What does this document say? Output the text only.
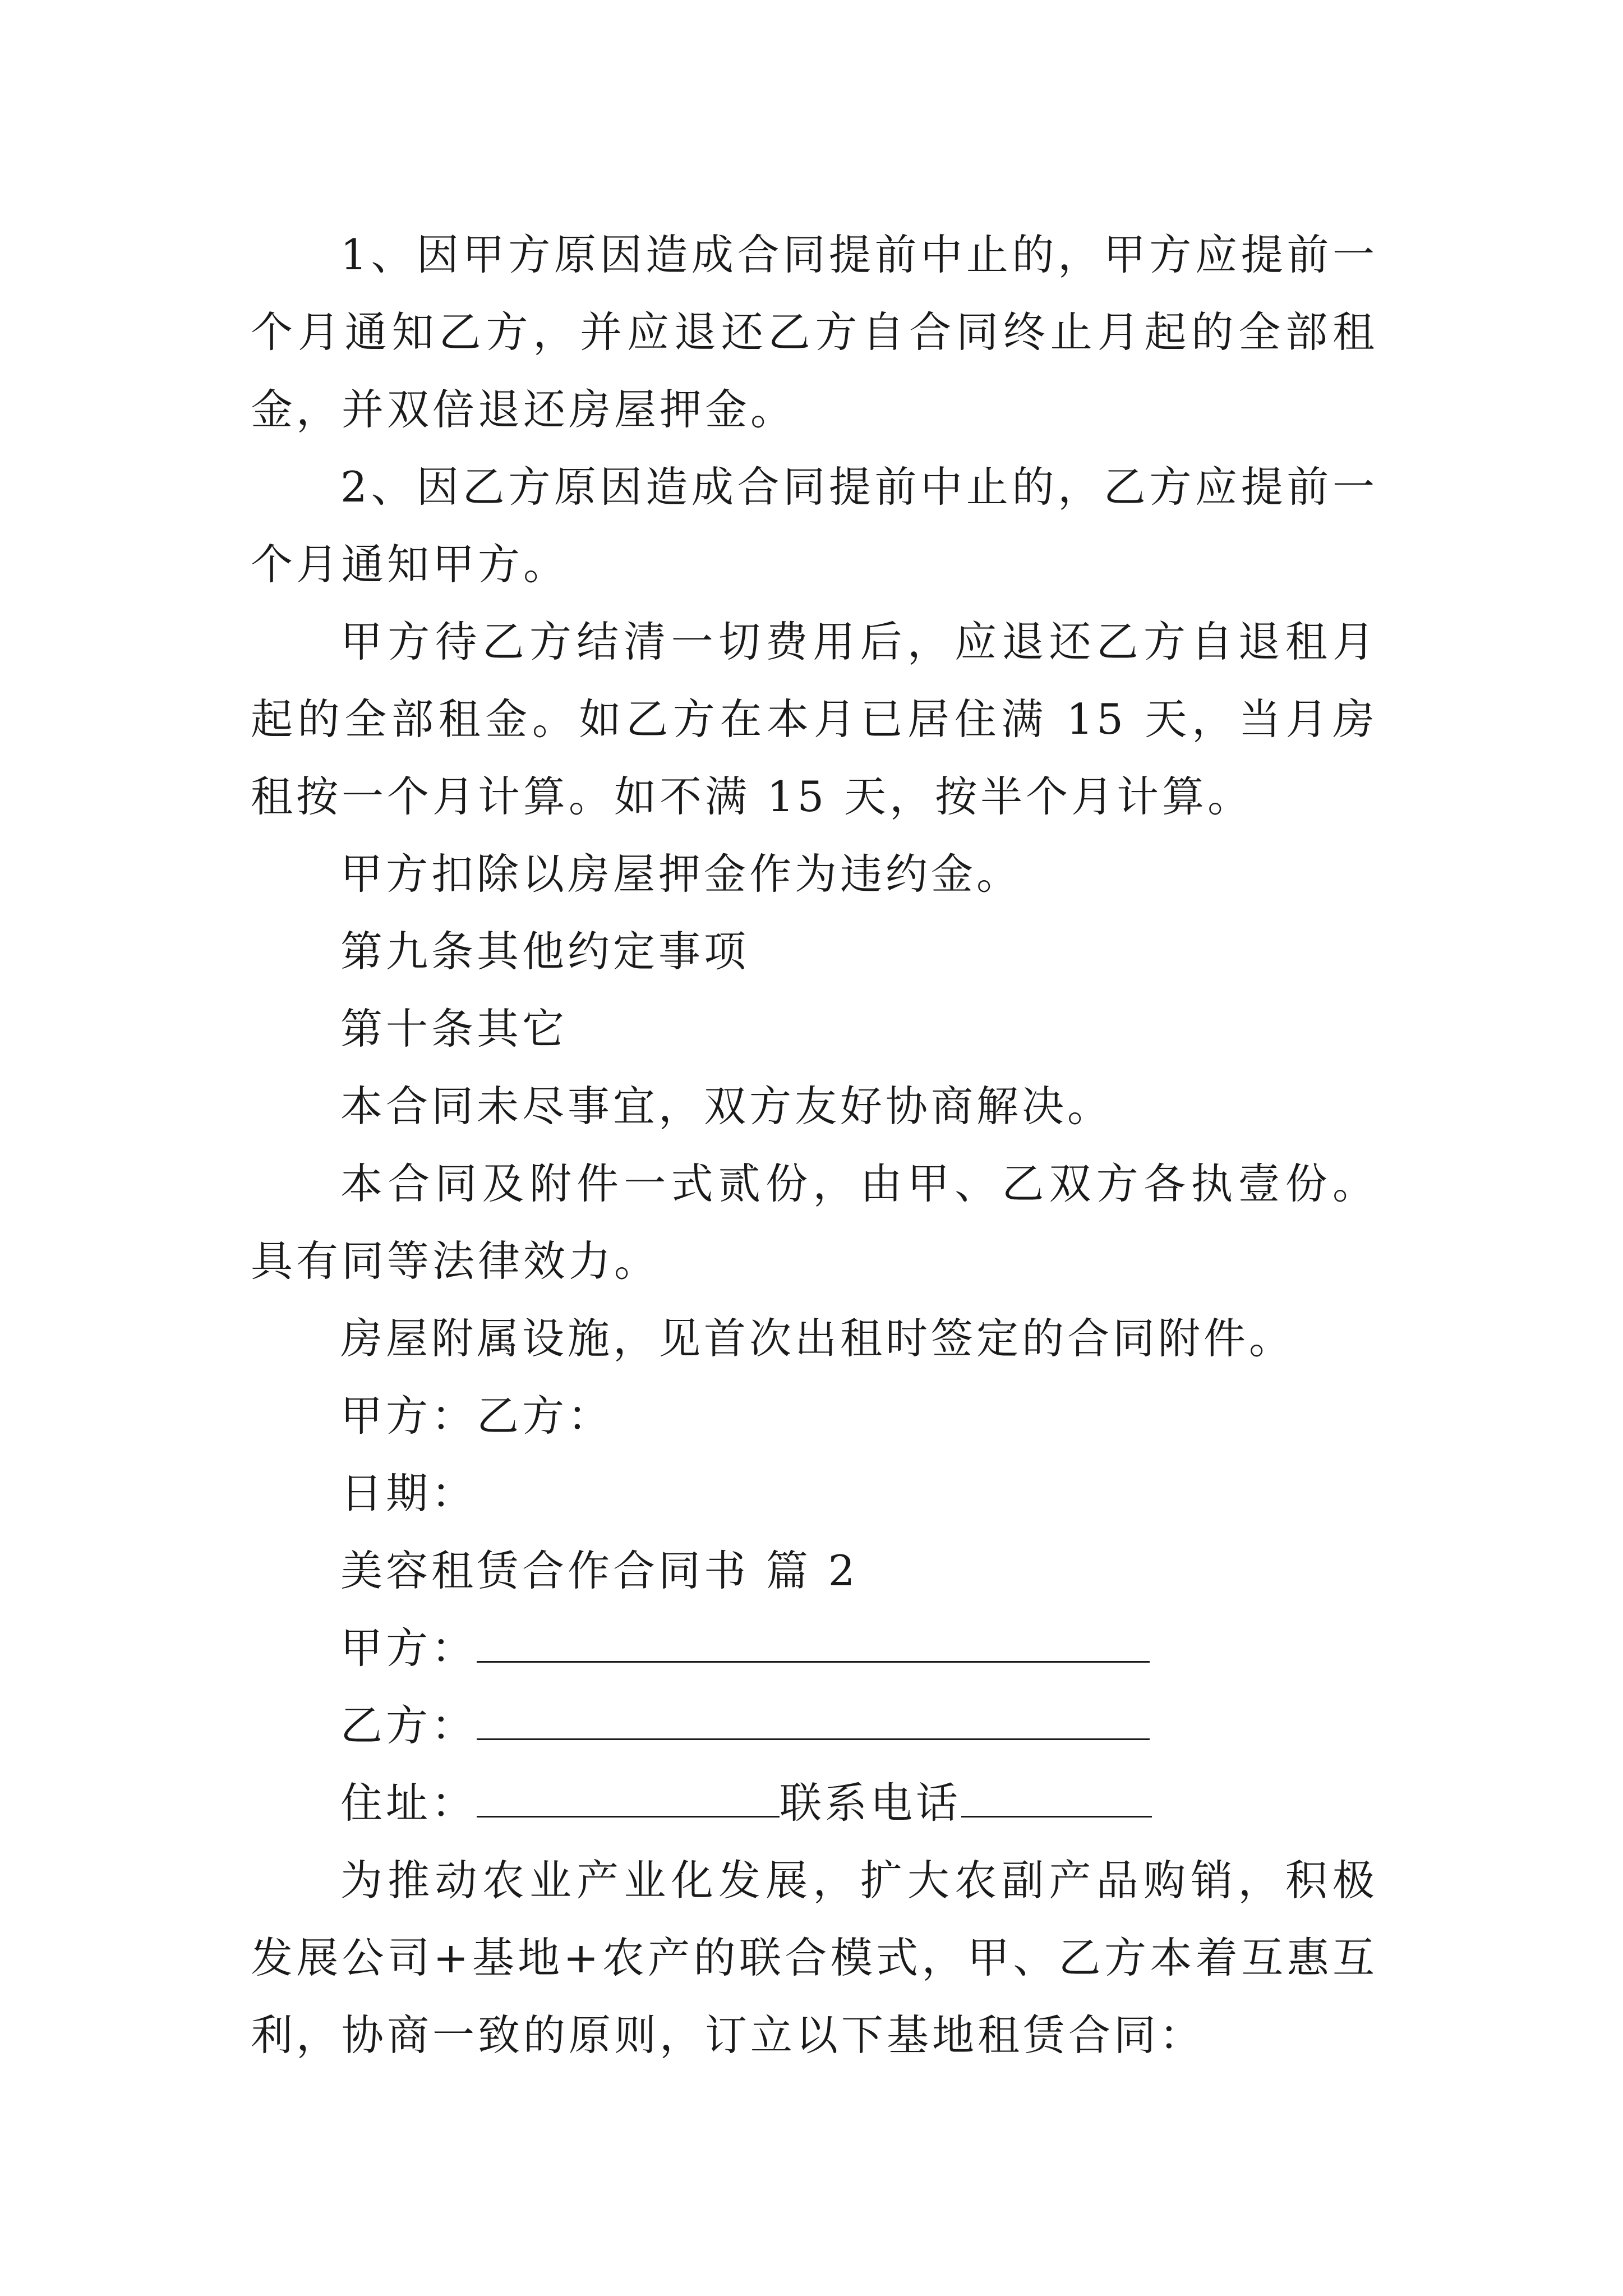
1、因甲方原因造成合同提前中止的，甲方应提前一个月通知乙方，并应退还乙方自合同终止月起的全部租金，并双倍退还房屋押金。

2、因乙方原因造成合同提前中止的，乙方应提前一个月通知甲方。

甲方待乙方结清一切费用后，应退还乙方自退租月起的全部租金。如乙方在本月已居住满 15 天，当月房租按一个月计算。如不满 15 天，按半个月计算。

甲方扣除以房屋押金作为违约金。

第九条其他约定事项

第十条其它

本合同未尽事宜，双方友好协商解决。

本合同及附件一式贰份，由甲、乙双方各执壹份。具有同等法律效力。

房屋附属设施，见首次出租时签定的合同附件。

甲方：乙方：

日期：

美容租赁合作合同书 篇 2

甲方：

乙方：

住址：	联系电话

为推动农业产业化发展，扩大农副产品购销，积极发展公司+基地+农产的联合模式，甲、乙方本着互惠互利，协商一致的原则，订立以下基地租赁合同：
